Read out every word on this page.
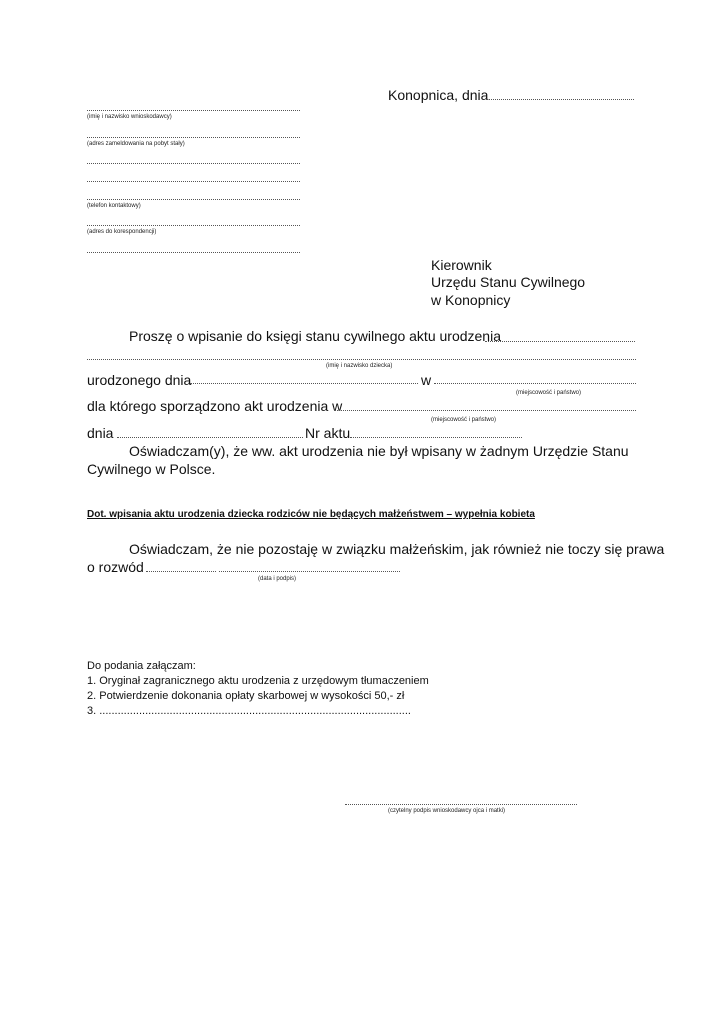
Konopnica, dnia
(imię i nazwisko wnioskodawcy)
(adres zameldowania na pobyt stały)
(telefon kontaktowy)
(adres do korespondencji)
Kierownik
Urzędu Stanu Cywilnego
w Konopnicy
Proszę o wpisanie do księgi stanu cywilnego aktu urodzenia
(imię i nazwisko dziecka)
urodzonego dnia	w
(miejscowość i państwo)
dla którego sporządzono akt urodzenia w
(miejscowość i państwo)
dnia	Nr aktu
Oświadczam(y), że ww. akt urodzenia nie był wpisany w żadnym Urzędzie Stanu
Cywilnego w Polsce.
Dot. wpisania aktu urodzenia dziecka rodziców nie będących małżeństwem – wypełnia kobieta
Oświadczam, że nie pozostaję w związku małżeńskim, jak również nie toczy się prawa
o rozwód
(data i podpis)
Do podania załączam:
1. Oryginał zagranicznego aktu urodzenia z urzędowym tłumaczeniem
2. Potwierdzenie dokonania opłaty skarbowej w wysokości 50,- zł
3. ......................................................................................................
(czytelny podpis wnioskodawcy ojca i matki)
